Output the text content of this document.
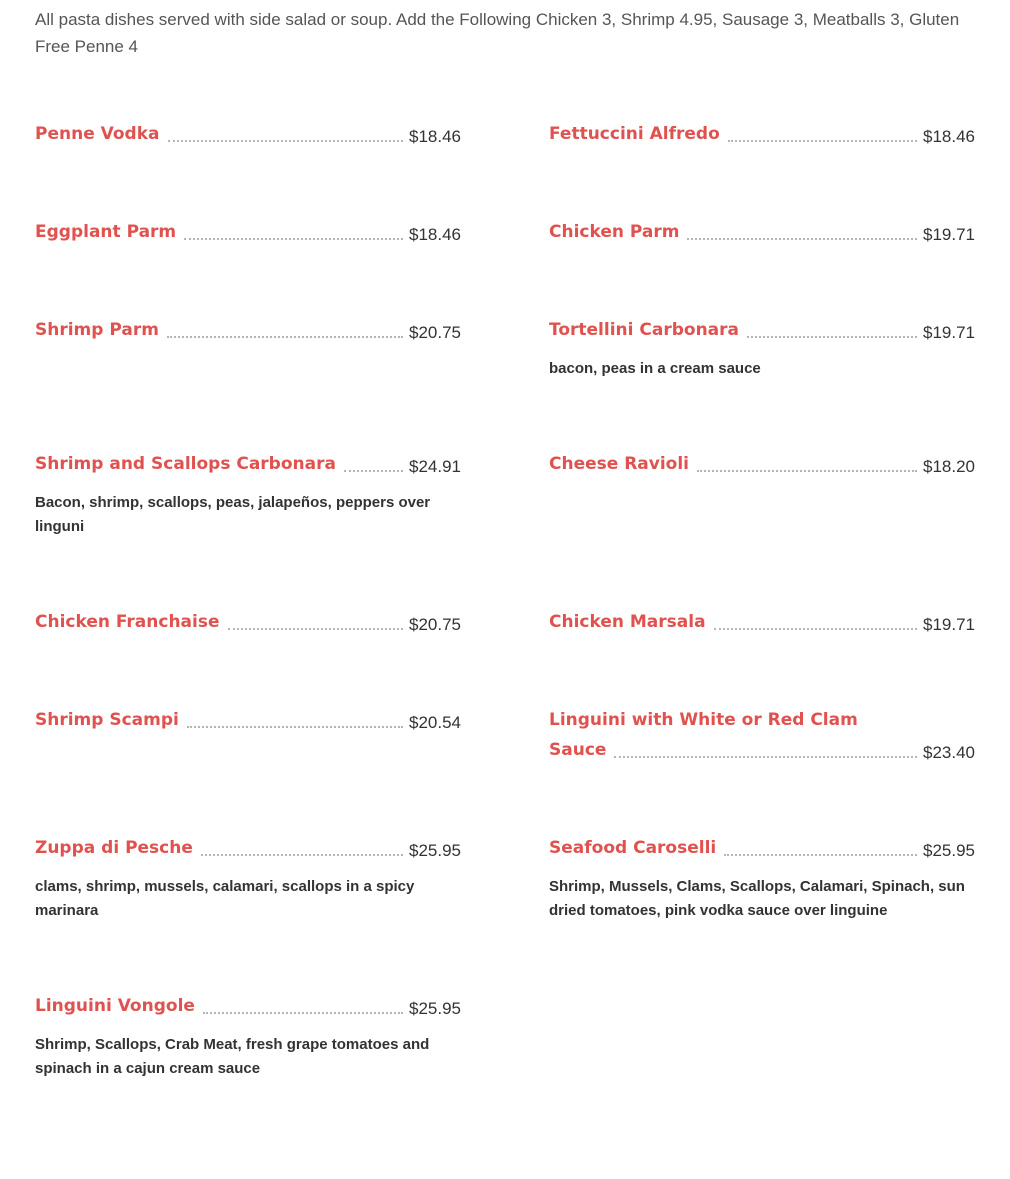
All pasta dishes served with side salad or soup. Add the Following Chicken 3, Shrimp 4.95, Sausage 3, Meatballs 3, Gluten Free Penne 4

Penne Vodka	$18.46	Fettuccini Alfredo	$18.46
Eggplant Parm	$18.46	Chicken Parm	$19.71
Shrimp Parm	$20.75	Tortellini Carbonara	$19.71
bacon, peas in a cream sauce
Shrimp and Scallops Carbonara	$24.91
Bacon, shrimp, scallops, peas, jalapeños, peppers over linguni
Cheese Ravioli	$18.20
Chicken Franchaise	$20.75	Chicken Marsala	$19.71
Shrimp Scampi	$20.54	Linguini with White or Red Clam
Sauce	$23.40
Zuppa di Pesche	$25.95
clams, shrimp, mussels, calamari, scallops in a spicy marinara
Seafood Caroselli	$25.95
Shrimp, Mussels, Clams, Scallops, Calamari, Spinach, sun dried tomatoes, pink vodka sauce over linguine
Linguini Vongole	$25.95
Shrimp, Scallops, Crab Meat, fresh grape tomatoes and spinach in a cajun cream sauce
